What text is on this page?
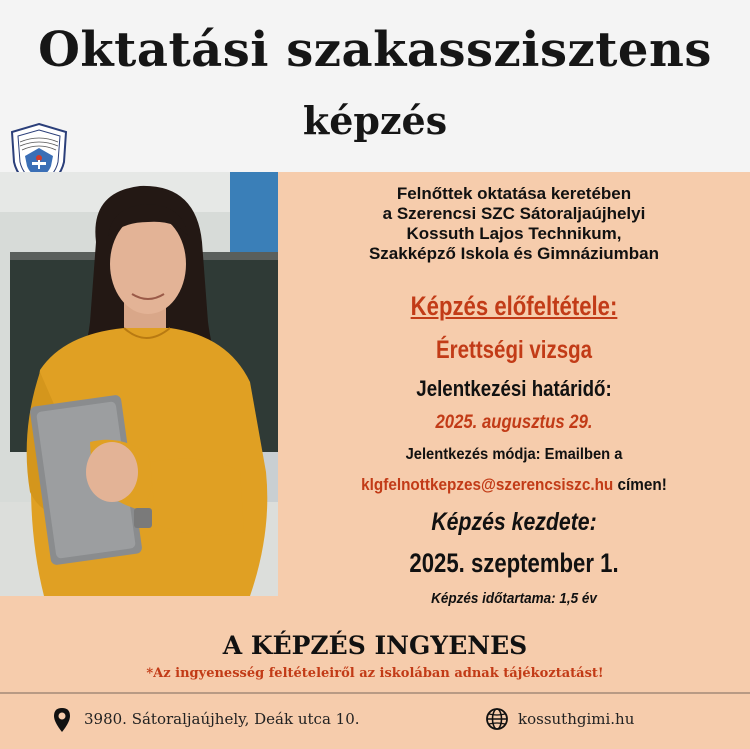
Oktatási szakasszisztens
képzés
Felnőttek oktatása keretében
a Szerencsi SZC Sátoraljaújhelyi
Kossuth Lajos Technikum,
Szakképző Iskola és Gimnáziumban
Képzés előfeltétele:
Érettségi vizsga
Jelentkezési határidő:
2025. augusztus 29.
Jelentkezés módja: Emailben a
klgfelnottkepzes@szerencsiszc.hu címen!
Képzés kezdete:
2025. szeptember 1.
Képzés időtartama: 1,5 év
A KÉPZÉS INGYENES
*Az ingyenesség feltételeiről az iskolában adnak tájékoztatást!
3980. Sátoraljaújhely, Deák utca 10.	kossuthgimi.hu
